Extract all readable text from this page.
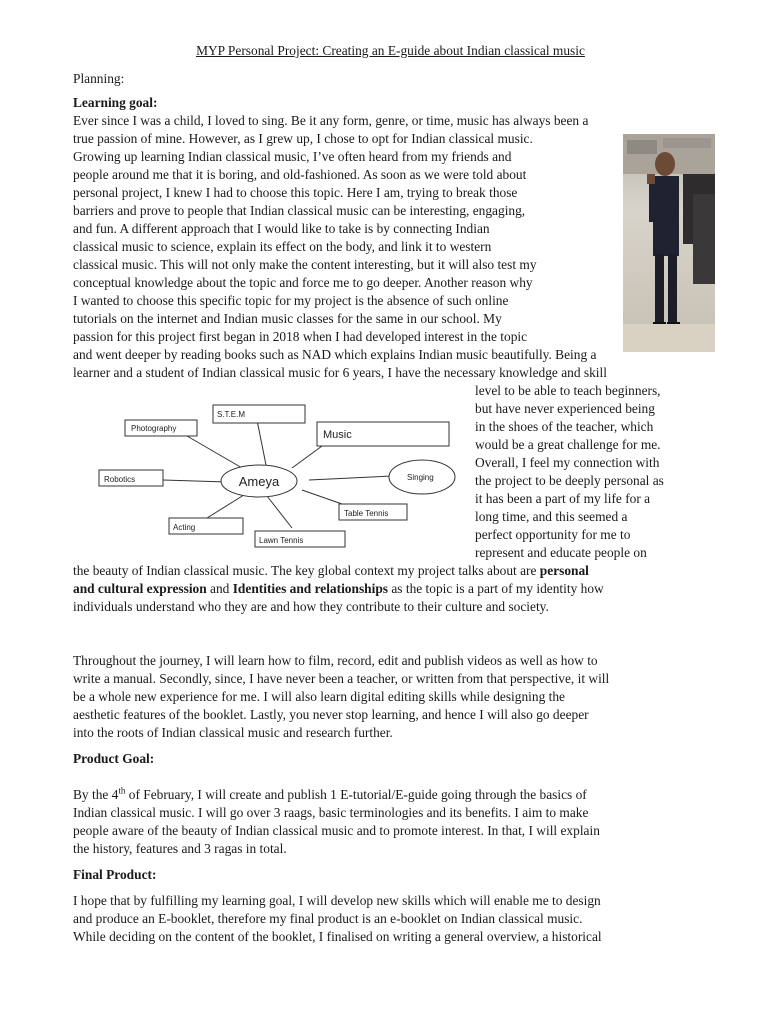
MYP Personal Project: Creating an E-guide about Indian classical music

Planning:

Learning goal:

Ever since I was a child, I loved to sing. Be it any form, genre, or time, music has always been a
true passion of mine. However, as I grew up, I chose to opt for Indian classical music.
Growing up learning Indian classical music, I’ve often heard from my friends and
people around me that it is boring, and old-fashioned. As soon as we were told about
personal project, I knew I had to choose this topic. Here I am, trying to break those
barriers and prove to people that Indian classical music can be interesting, engaging,
and fun. A different approach that I would like to take is by connecting Indian
classical music to science, explain its effect on the body, and link it to western
classical music. This will not only make the content interesting, but it will also test my
conceptual knowledge about the topic and force me to go deeper. Another reason why
I wanted to choose this specific topic for my project is the absence of such online
tutorials on the internet and Indian music classes for the same in our school. My
passion for this project first began in 2018 when I had developed interest in the topic
and went deeper by reading books such as NAD which explains Indian music beautifully. Being a
learner and a student of Indian classical music for 6 years, I have the necessary knowledge and skill
level to be able to teach beginners,
but have never experienced being
in the shoes of the teacher, which
would be a great challenge for me.
Overall, I feel my connection with
the project to be deeply personal as
it has been a part of my life for a
long time, and this seemed a
perfect opportunity for me to
represent and educate people on
the beauty of Indian classical music. The key global context my project talks about are personal
and cultural expression and Identities and relationships as the topic is a part of my identity how
individuals understand who they are and how they contribute to their culture and society.
Throughout the journey, I will learn how to film, record, edit and publish videos as well as how to
write a manual. Secondly, since, I have never been a teacher, or written from that perspective, it will
be a whole new experience for me. I will also learn digital editing skills while designing the
aesthetic features of the booklet. Lastly, you never stop learning, and hence I will also go deeper
into the roots of Indian classical music and research further.

Product Goal:

By the 4th of February, I will create and publish 1 E-tutorial/E-guide going through the basics of
Indian classical music. I will go over 3 raags, basic terminologies and its benefits. I aim to make
people aware of the beauty of Indian classical music and to promote interest. In that, I will explain
the history, features and 3 ragas in total.

Final Product:

I hope that by fulfilling my learning goal, I will develop new skills which will enable me to design
and produce an E-booklet, therefore my final product is an e-booklet on Indian classical music.
While deciding on the content of the booklet, I finalised on writing a general overview, a historical
S.T.E.M
Photography
Music
Robotics	Singing
Acting
Table Tennis
Lawn Tennis
Ameya
